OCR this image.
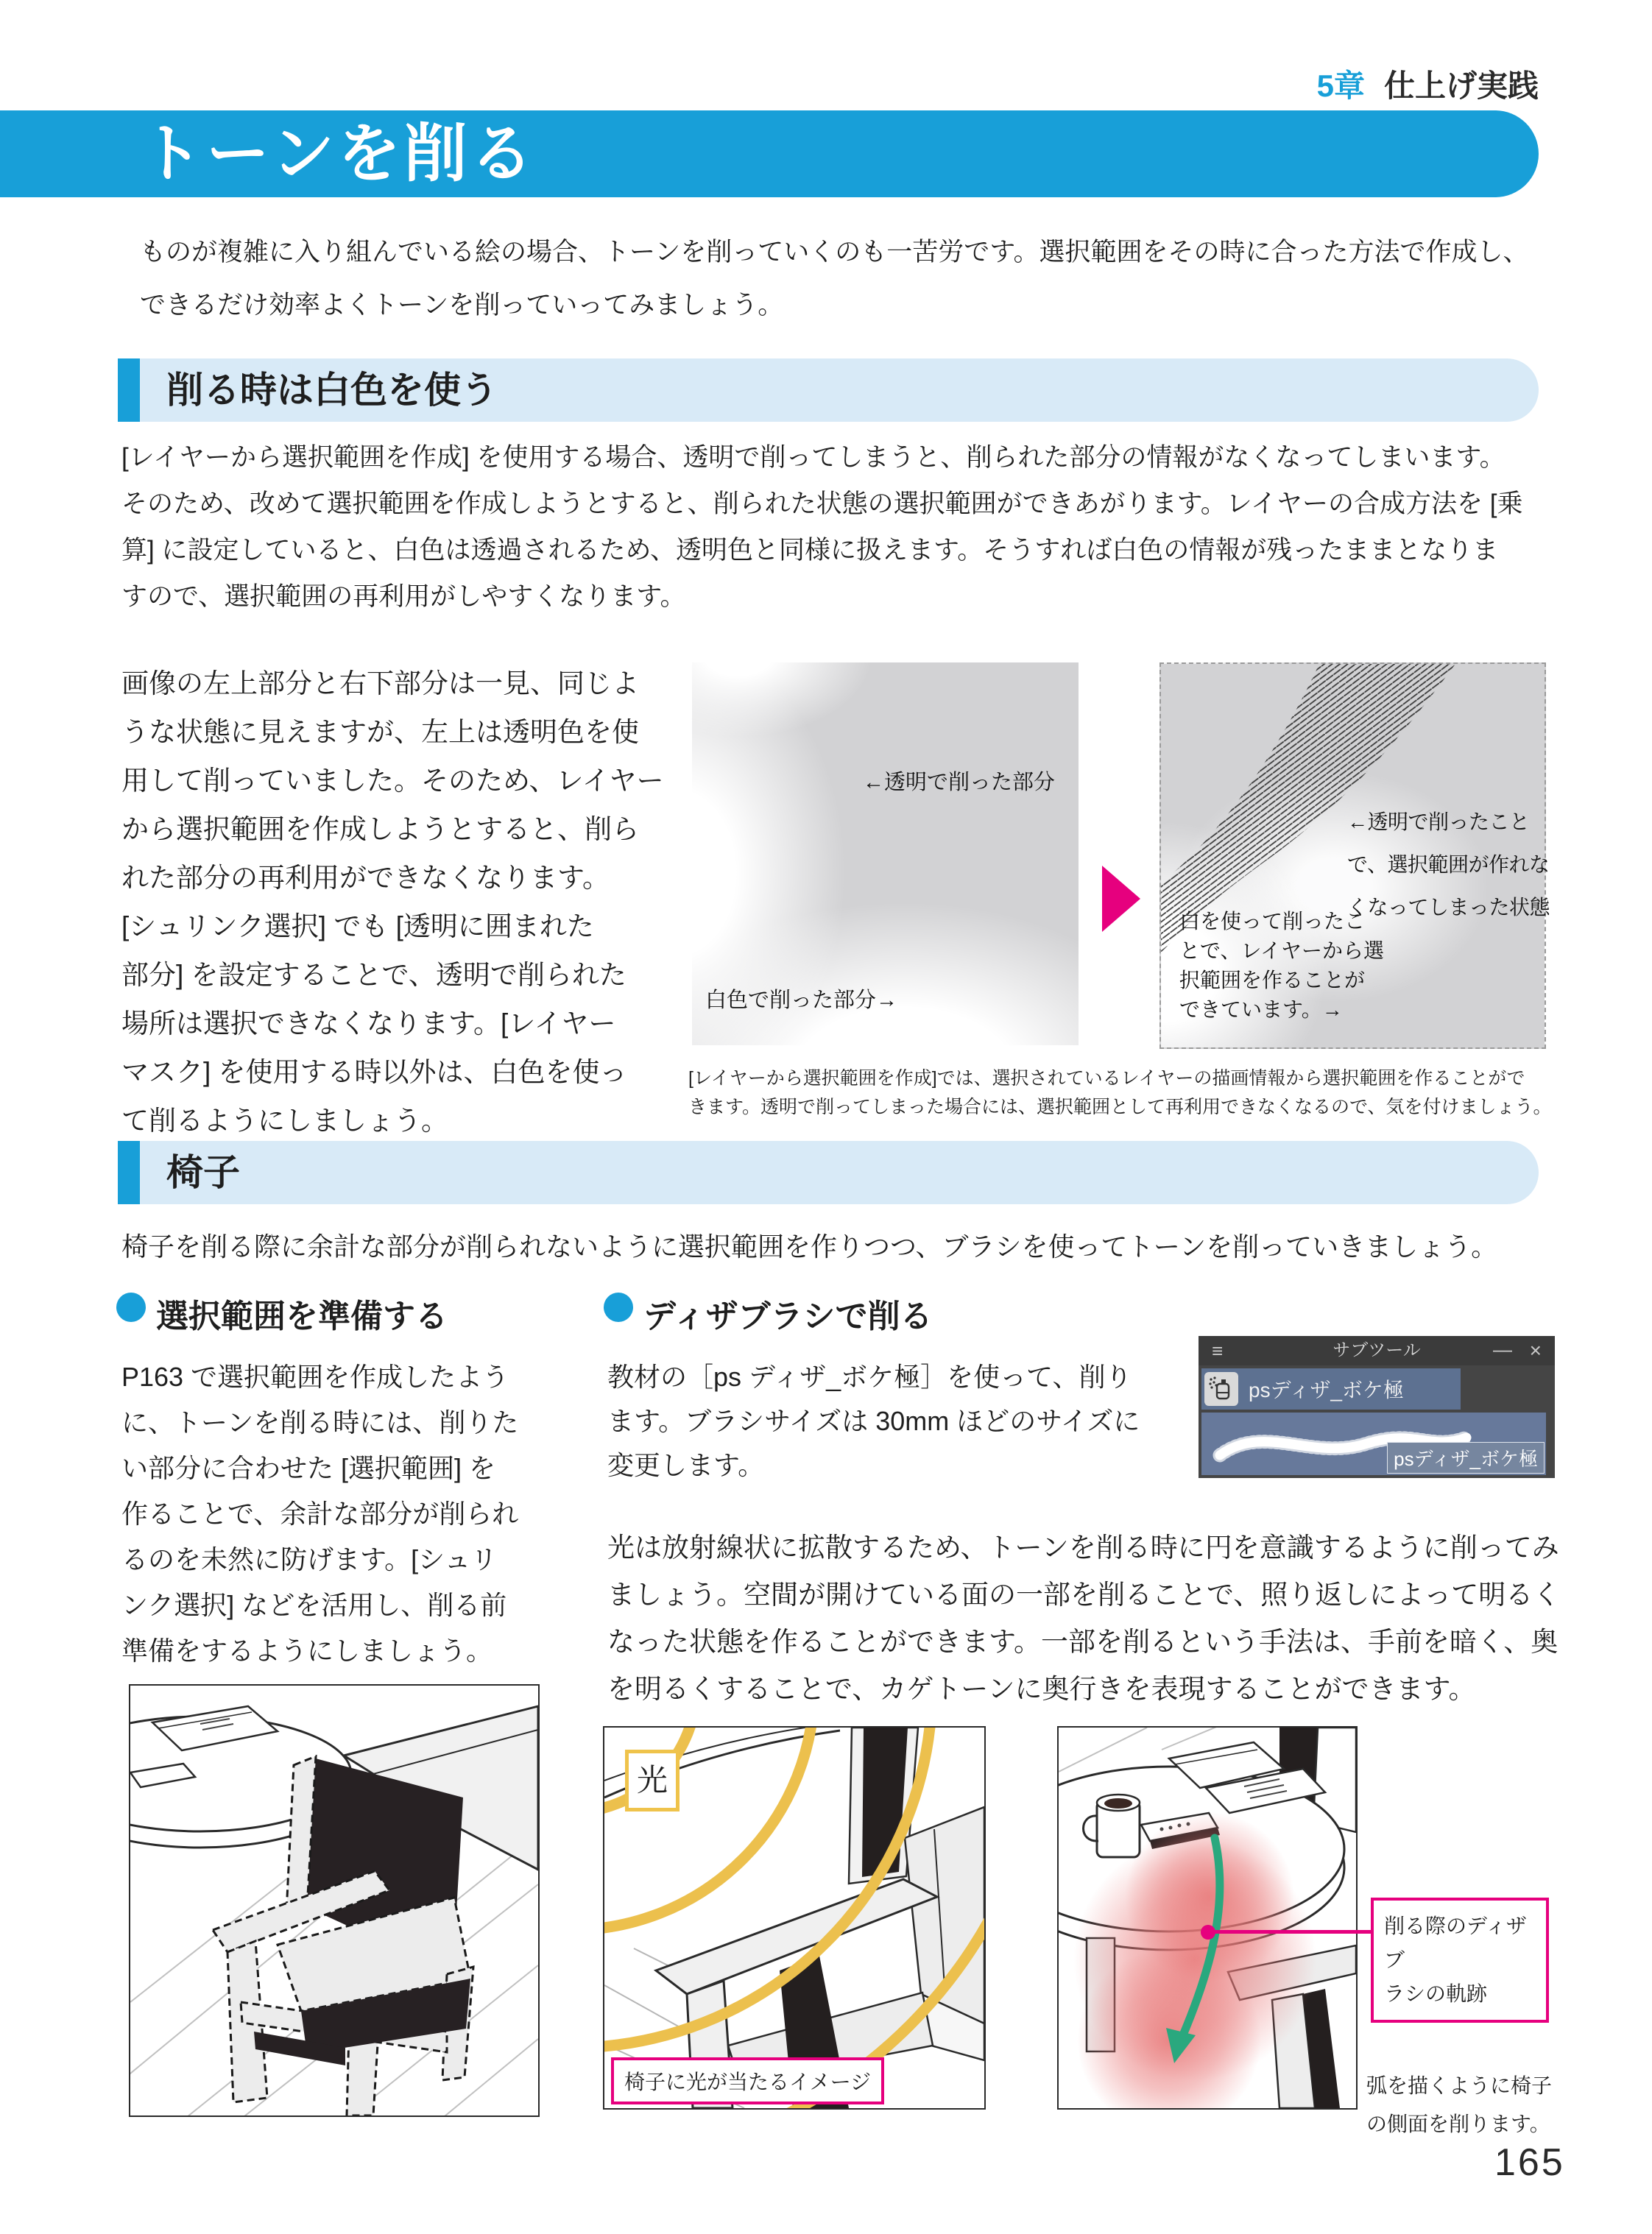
5章 仕上げ実践
トーンを削る
ものが複雑に入り組んでいる絵の場合、トーンを削っていくのも一苦労です。選択範囲をその時に合った方法で作成し、
できるだけ効率よくトーンを削っていってみましょう。
削る時は白色を使う
[レイヤーから選択範囲を作成] を使用する場合、透明で削ってしまうと、削られた部分の情報がなくなってしまいます。
そのため、改めて選択範囲を作成しようとすると、削られた状態の選択範囲ができあがります。レイヤーの合成方法を [乗
算] に設定していると、白色は透過されるため、透明色と同様に扱えます。そうすれば白色の情報が残ったままとなりま
すので、選択範囲の再利用がしやすくなります。
画像の左上部分と右下部分は一見、同じよ
うな状態に見えますが、左上は透明色を使
用して削っていました。そのため、レイヤー
から選択範囲を作成しようとすると、削ら
れた部分の再利用ができなくなります。
[シュリンク選択] でも [透明に囲まれた
部分] を設定することで、透明で削られた
場所は選択できなくなります。[レイヤー
マスク] を使用する時以外は、白色を使っ
て削るようにしましょう。
←透明で削った部分
白色で削った部分→
←透明で削ったこと
で、選択範囲が作れな
くなってしまった状態
白を使って削ったこ
とで、レイヤーから選
択範囲を作ることが
できています。→
[レイヤーから選択範囲を作成]では、選択されているレイヤーの描画情報から選択範囲を作ることがで
きます。透明で削ってしまった場合には、選択範囲として再利用できなくなるので、気を付けましょう。
椅子
椅子を削る際に余計な部分が削られないように選択範囲を作りつつ、ブラシを使ってトーンを削っていきましょう。
選択範囲を準備する	ディザブラシで削る
P163 で選択範囲を作成したよう
に、トーンを削る時には、削りた
い部分に合わせた [選択範囲] を
作ることで、余計な部分が削られ
るのを未然に防げます。[シュリ
ンク選択] などを活用し、削る前
準備をするようにしましょう。
教材の［ps ディザ_ボケ極］を使って、削り
ます。ブラシサイズは 30mm ほどのサイズに
変更します。
≡	サブツール	— ×
psディザ_ボケ極
psディザ_ボケ極
光は放射線状に拡散するため、トーンを削る時に円を意識するように削ってみ
ましょう。空間が開けている面の一部を削ることで、照り返しによって明るく
なった状態を作ることができます。一部を削るという手法は、手前を暗く、奥
を明るくすることで、カゲトーンに奥行きを表現することができます。
光
椅子に光が当たるイメージ
削る際のディザブ
ラシの軌跡
弧を描くように椅子
の側面を削ります。
165
